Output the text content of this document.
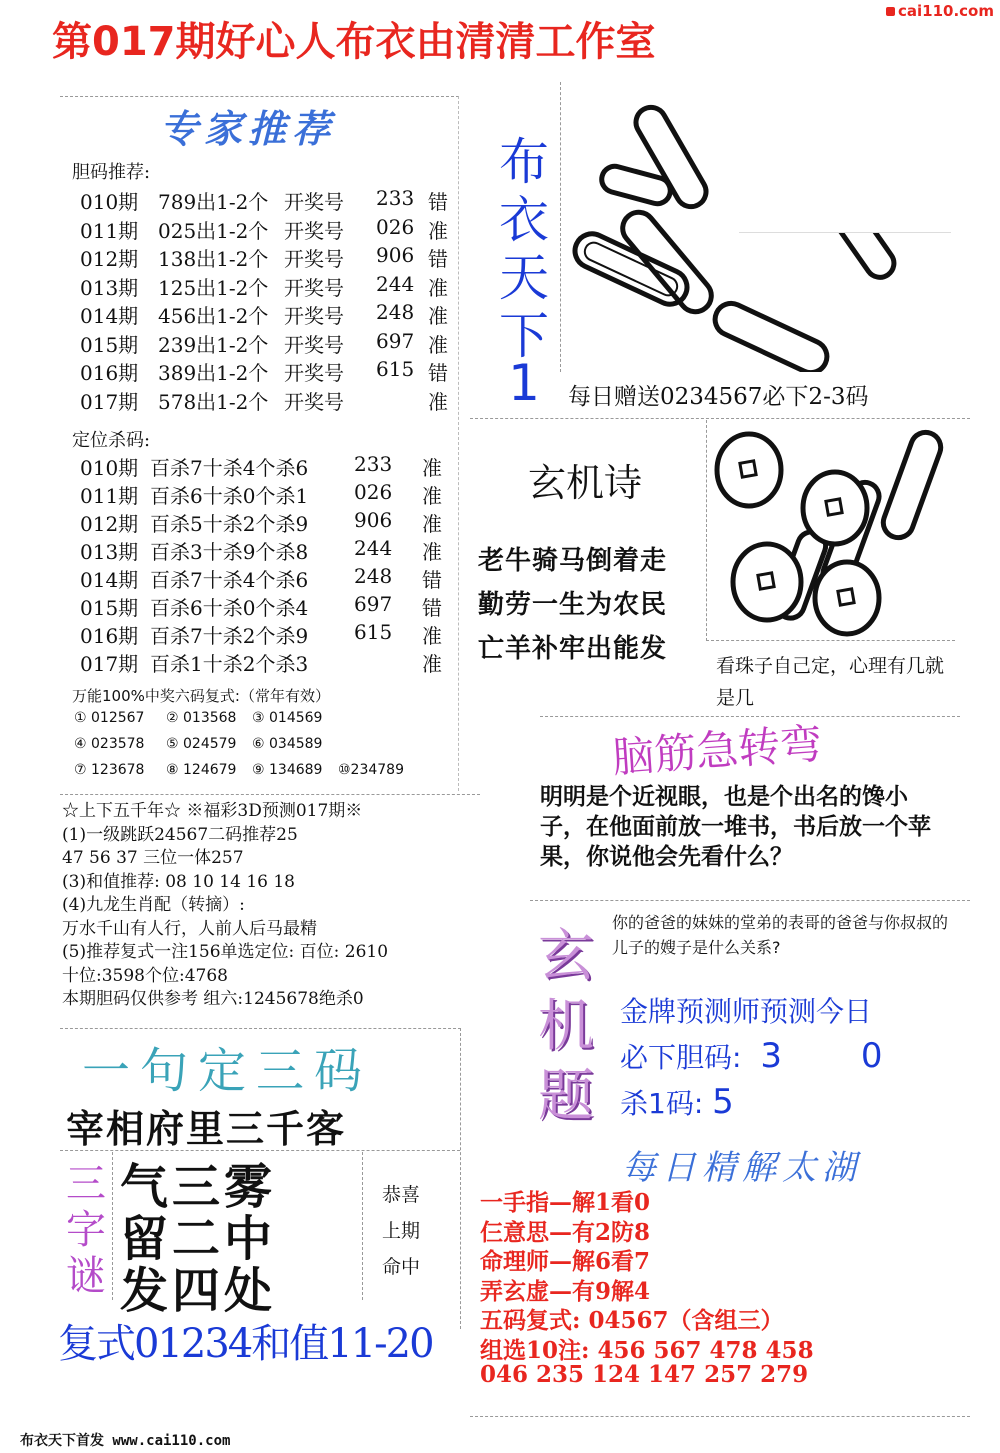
cai110.com
第017期好心人布衣由清清工作室
专家推荐
胆码推荐:
010期 789出1-2个 开奖号 233 错
011期 025出1-2个 开奖号 026 准
012期 138出1-2个 开奖号 906 错
013期 125出1-2个 开奖号 244 准
014期 456出1-2个 开奖号 248 准
015期 239出1-2个 开奖号 697 准
016期 389出1-2个 开奖号 615 错
017期 578出1-2个 开奖号	准
定位杀码:
010期 百杀7十杀4个杀6 233 准
011期 百杀6十杀0个杀1 026 准
012期 百杀5十杀2个杀9 906 准
013期 百杀3十杀9个杀8 244 准
014期 百杀7十杀4个杀6 248 错
015期 百杀6十杀0个杀4 697 错
016期 百杀7十杀2个杀9 615 准
017期 百杀1十杀2个杀3	准
万能100%中奖六码复式:（常年有效）
① 012567 ② 013568 ③ 014569
④ 023578 ⑤ 024579 ⑥ 034589
⑦ 123678 ⑧ 124679 ⑨ 134689 ⑩234789
☆上下五千年☆ ※福彩3D预测017期※
(1)一级跳跃24567二码推荐25
47 56 37 三位一体257
(3)和值推荐: 08 10 14 16 18
(4)九龙生肖配（转摘）:
万水千山有人行，人前人后马最精
(5)推荐复式一注156单选定位: 百位: 2610
十位:3598个位:4768
本期胆码仅供参考 组六:1245678绝杀0
布
衣
天
下
1	每日赠送0234567必下2-3码
玄机诗
老牛骑马倒着走
勤劳一生为农民
亡羊补牢出能发
看珠子自己定，心理有几就是几
脑筋急转弯
明明是个近视眼，也是个出名的馋小子，在他面前放一堆书，书后放一个苹果，你说他会先看什么？
玄
机
题
你的爸爸的妹妹的堂弟的表哥的爸爸与你叔叔的儿子的嫂子是什么关系?
金牌预测师预测今日
必下胆码: 3 0
杀1码: 5
一句定三码
宰相府里三千客
三
字
谜
气三雾
留二中
发四处
恭喜
上期
命中
复式01234和值11-20
每日精解太湖
一手指—解1看0
仨意思—有2防8
命理师—解6看7
弄玄虚—有9解4
五码复式: 04567（含组三）
组选10注: 456 567 478 458
046 235 124 147 257 279
布衣天下首发 www.cai110.com
